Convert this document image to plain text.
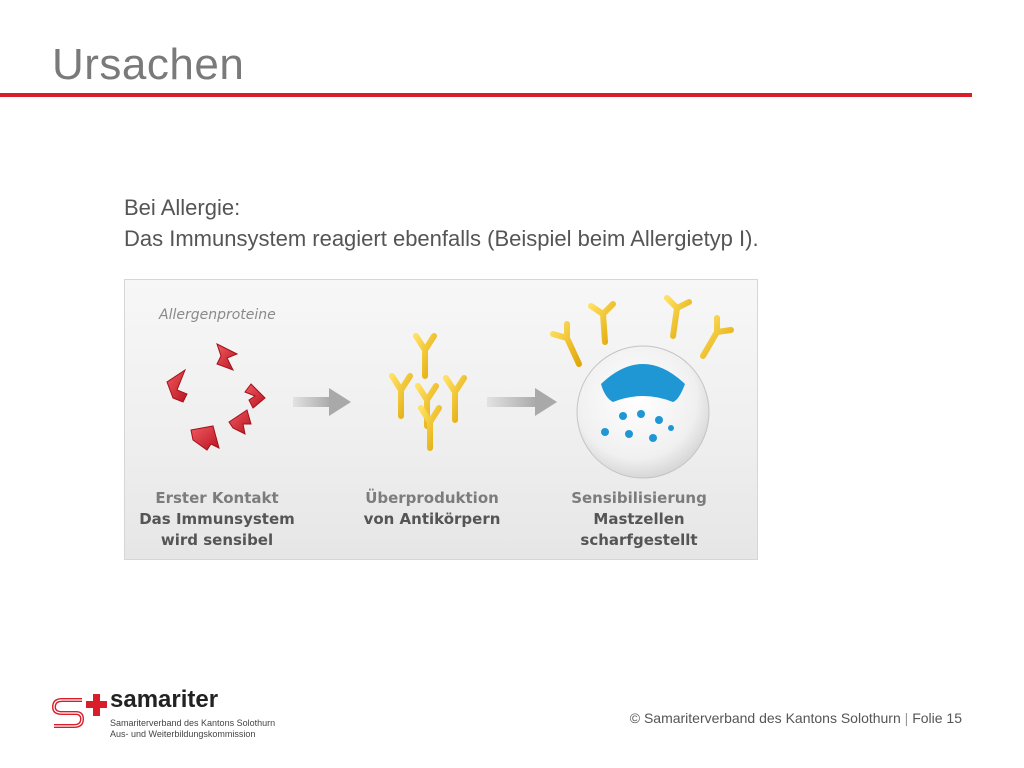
Ursachen
Bei Allergie:
Das Immunsystem reagiert ebenfalls (Beispiel beim Allergietyp I).
Allergenproteine
Erster Kontakt
Das Immunsystem
wird sensibel
Überproduktion
von Antikörpern
Sensibilisierung
Mastzellen scharfgestellt
samariter
Samariterverband des Kantons Solothurn
Aus- und Weiterbildungskommission
© Samariterverband des Kantons Solothurn | Folie 15
